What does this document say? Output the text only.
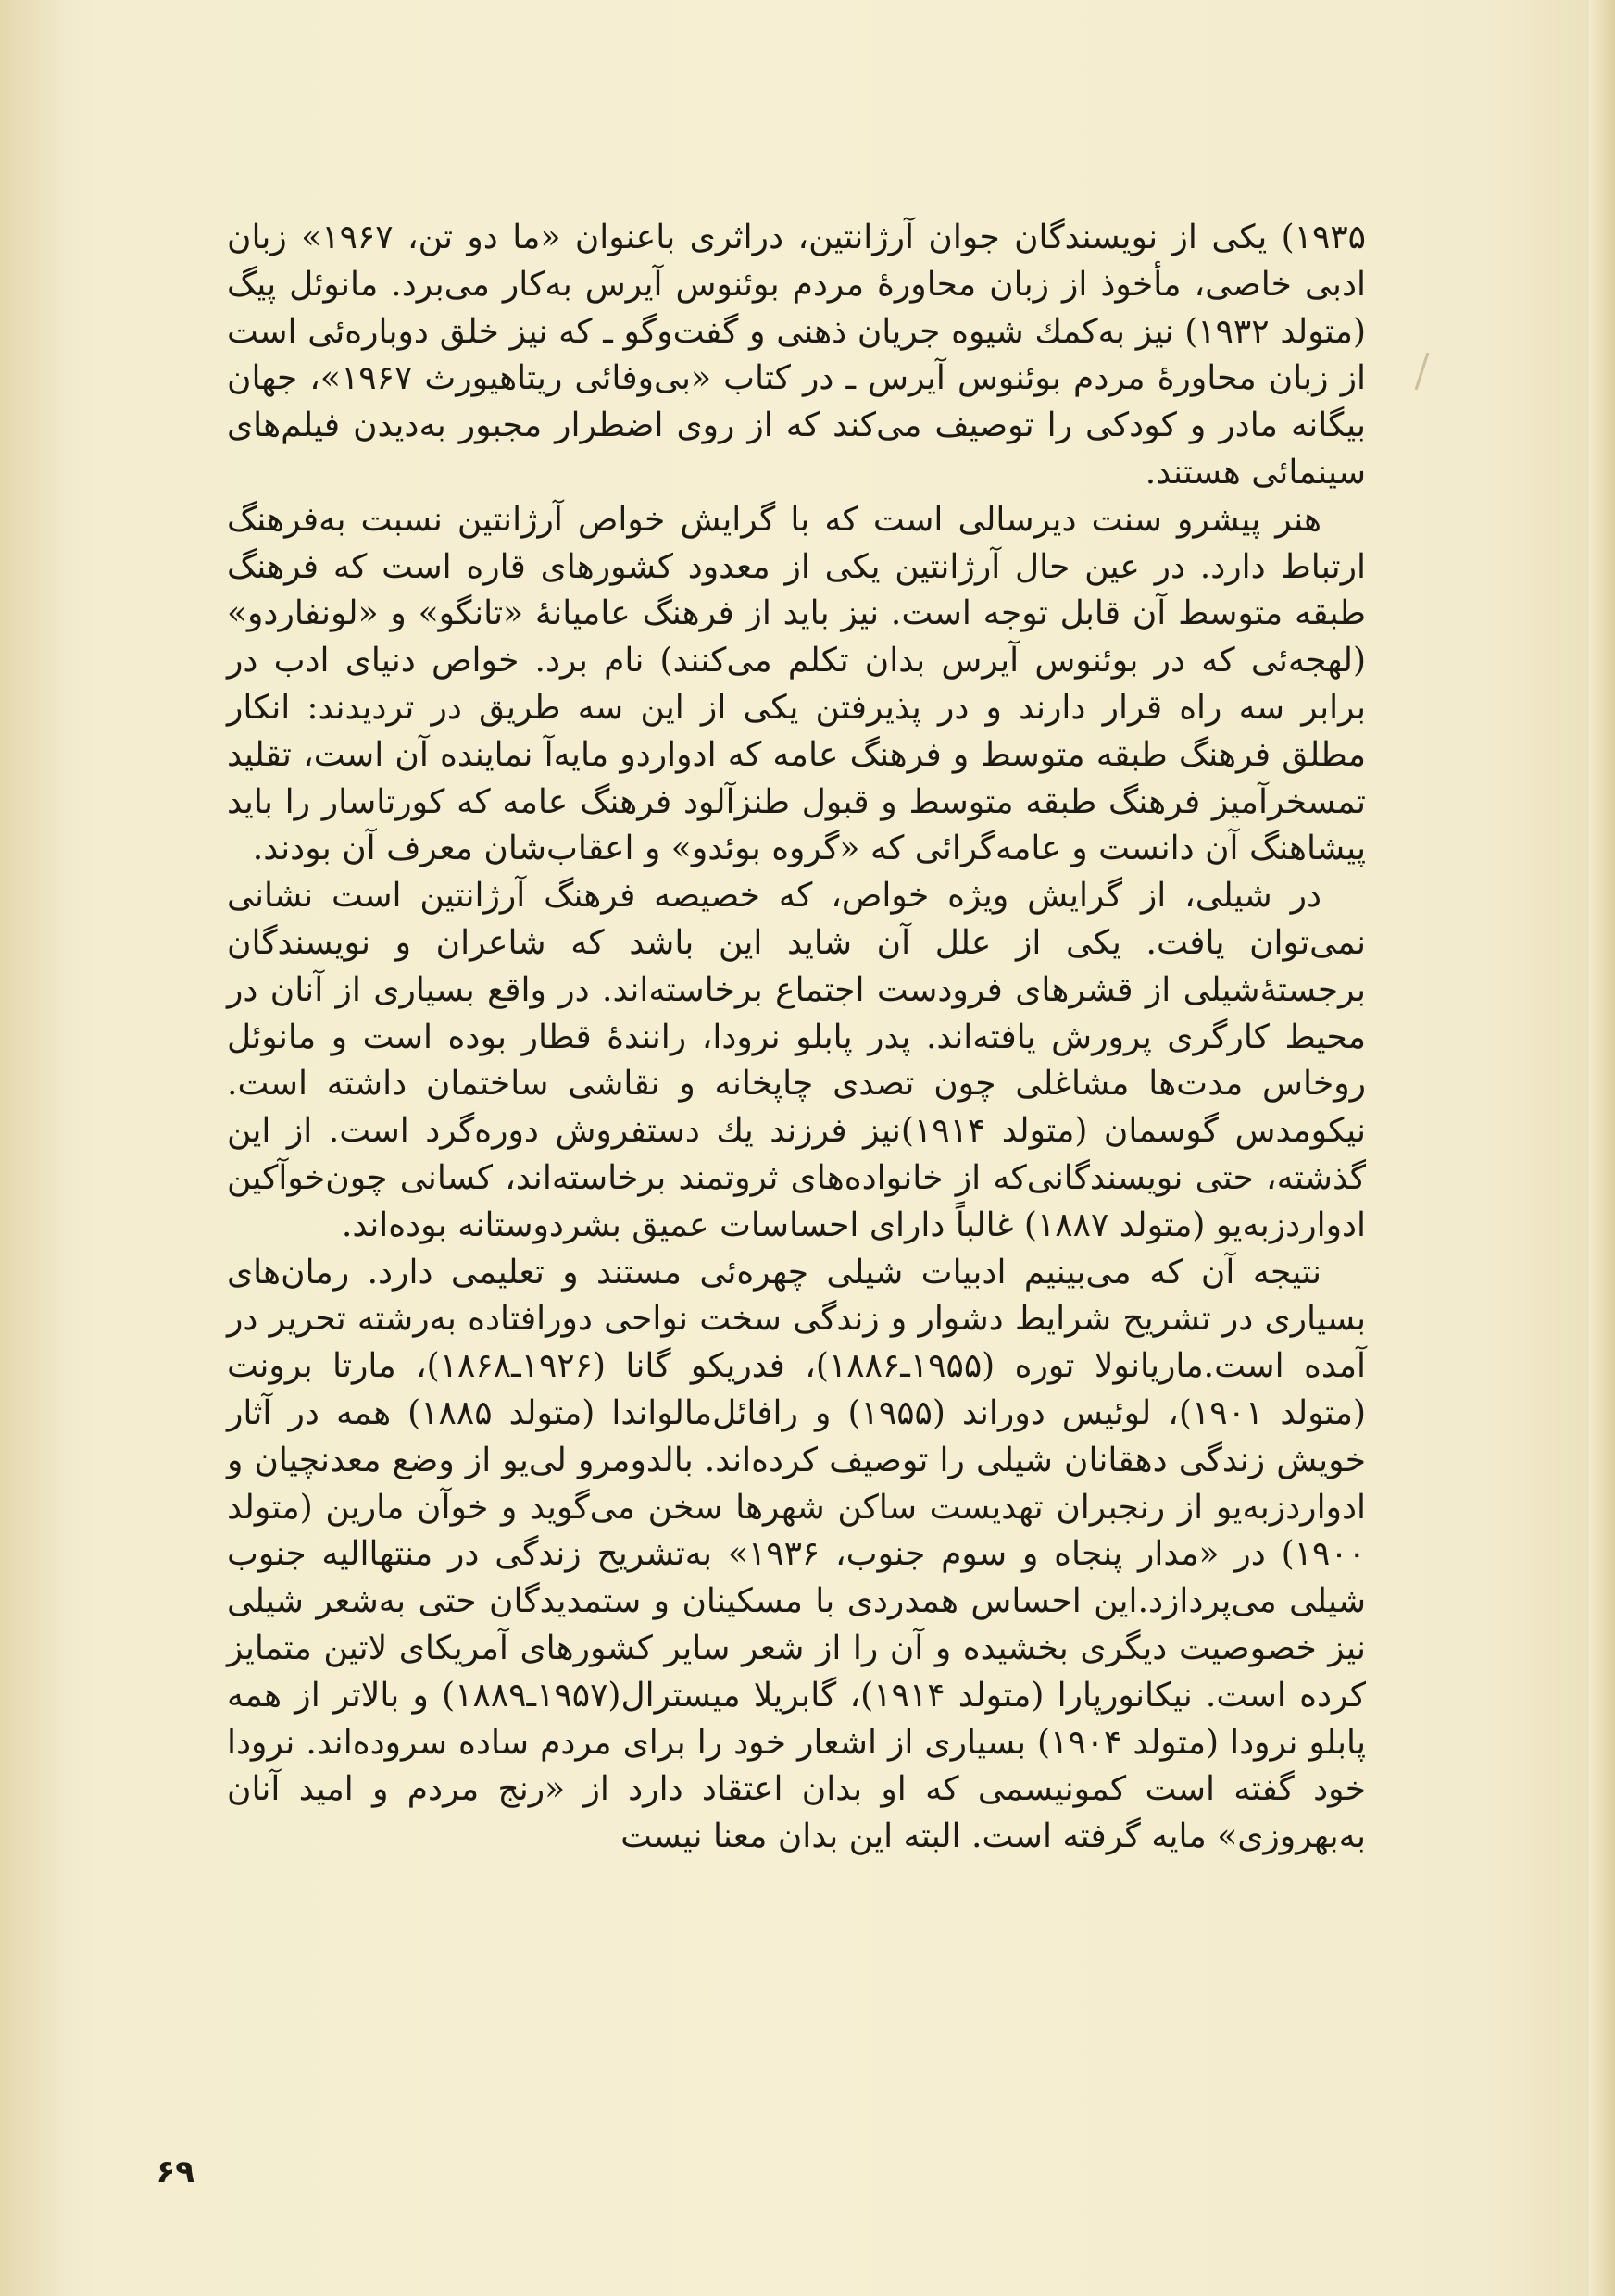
۱۹۳۵) یکی از نویسندگان جوان آرژانتین، دراثری باعنوان «ما دو تن، ۱۹۶۷» زبان ادبی خاصی، مأخوذ از زبان محاورهٔ مردم بوئنوس آیرس به‌کار می‌برد. مانوئل پیگ (متولد ۱۹۳۲) نیز به‌کمك شیوه جریان ذهنی و گفت‌وگو ـ که نیز خلق دوباره‌ئی است از زبان محاورهٔ مردم بوئنوس آیرس ـ در کتاب «بی‌وفائی ریتاهیورث ۱۹۶۷»، جهان بیگانه مادر و کودکی را توصیف می‌کند که از روی اضطرار مجبور به‌دیدن فیلم‌های سینمائی هستند.

هنر پیشرو سنت دیرسالی است که با گرایش خواص آرژانتین نسبت به‌فرهنگ ارتباط دارد. در عین حال آرژانتین یکی از معدود کشورهای قاره است که فرهنگ طبقه متوسط آن قابل توجه است. نیز باید از فرهنگ عامیانهٔ «تانگو» و «لونفاردو» (لهجه‌ئی که در بوئنوس آیرس بدان تکلم می‌کنند) نام برد. خواص دنیای ادب در برابر سه راه قرار دارند و در پذیرفتن یکی از این سه طریق در تردیدند: انکار مطلق فرهنگ طبقه متوسط و فرهنگ عامه که ادواردو مایه‌آ نماینده آن است، تقلید تمسخرآمیز فرهنگ طبقه متوسط و قبول طنزآلود فرهنگ عامه که کورتاسار را باید پیشاهنگ آن دانست و عامه‌گرائی که «گروه بوئدو» و اعقاب‌شان معرف آن بودند.

در شیلی، از گرایش ویژه خواص، که خصیصه فرهنگ آرژانتین است نشانی نمی‌توان یافت. یکی از علل آن شاید این باشد که شاعران و نویسندگان برجستهٔ‌شیلی از قشرهای فرودست اجتماع برخاسته‌اند. در واقع بسیاری از آنان در محیط کارگری پرورش یافته‌اند. پدر پابلو نرودا، رانندهٔ قطار بوده است و مانوئل روخاس مدت‌ها مشاغلی چون تصدی چاپخانه و نقاشی ساختمان داشته است. نیکومدس گوسمان (متولد ۱۹۱۴)نیز فرزند یك دستفروش دوره‌گرد است. از این گذشته، حتی نویسندگانی‌که از خانواده‌های ثروتمند برخاسته‌اند، کسانی چون‌خوآکین ادواردز‌به‌یو (متولد ۱۸۸۷) غالباً دارای احساسات عمیق بشردوستانه بوده‌اند.

نتیجه آن که می‌بینیم ادبیات شیلی چهره‌ئی مستند و تعلیمی دارد. رمان‌های بسیاری در تشریح شرایط دشوار و زندگی سخت نواحی دورافتاده به‌رشته تحریر در آمده است.ماریانولا توره (۱۹۵۵ـ۱۸۸۶)، فدریکو گانا (۱۹۲۶ـ۱۸۶۸)، مارتا برونت (متولد ۱۹۰۱)، لوئیس دوراند (۱۹۵۵) و رافائل‌مالواندا (متولد ۱۸۸۵) همه در آثار خویش زندگی دهقانان شیلی را توصیف کرده‌اند. بالدومرو لی‌یو از وضع معدنچیان و ادواردز‌به‌یو از رنجبران تهدیست ساکن شهرها سخن می‌گوید و خوآن مارین (متولد ۱۹۰۰) در «مدار پنجاه و سوم جنوب، ۱۹۳۶» به‌تشریح زندگی در منتهاالیه جنوب شیلی می‌پردازد.این احساس همدردی با مسکینان و ستمدیدگان حتی به‌شعر شیلی نیز خصوصیت دیگری بخشیده و آن را از شعر سایر کشورهای آمریکای لاتین متمایز کرده است. نیکانورپارا (متولد ۱۹۱۴)، گابریلا میسترال(۱۹۵۷ـ۱۸۸۹) و بالاتر از همه پابلو نرودا (متولد ۱۹۰۴) بسیاری از اشعار خود را برای مردم ساده سروده‌اند. نرودا خود گفته است کمونیسمی که او بدان اعتقاد دارد از «رنج مردم و امید آنان به‌بهروزی» مایه گرفته است. البته این بدان معنا نیست

۶۹
